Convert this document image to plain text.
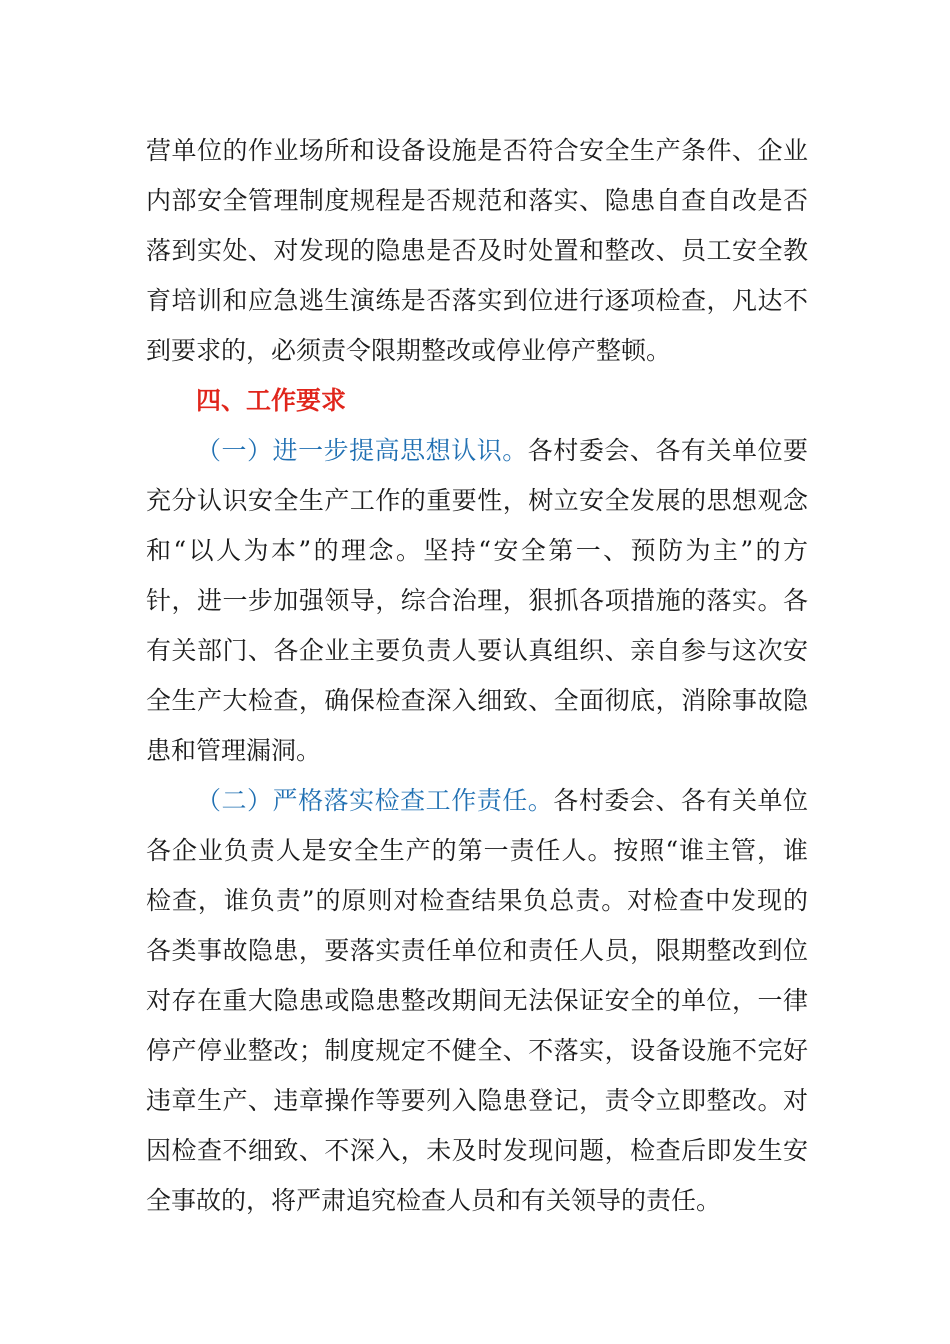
营单位的作业场所和设备设施是否符合安全生产条件、企业
内部安全管理制度规程是否规范和落实、隐患自查自改是否
落到实处、对发现的隐患是否及时处置和整改、员工安全教
育培训和应急逃生演练是否落实到位进行逐项检查，凡达不
到要求的，必须责令限期整改或停业停产整顿。
四、工作要求
（一）进一步提高思想认识。各村委会、各有关单位要
充分认识安全生产工作的重要性，树立安全发展的思想观念
和“以人为本”的理念。坚持“安全第一、预防为主”的方
针，进一步加强领导，综合治理，狠抓各项措施的落实。各
有关部门、各企业主要负责人要认真组织、亲自参与这次安
全生产大检查，确保检查深入细致、全面彻底，消除事故隐
患和管理漏洞。
（二）严格落实检查工作责任。各村委会、各有关单位
各企业负责人是安全生产的第一责任人。按照“谁主管，谁
检查，谁负责”的原则对检查结果负总责。对检查中发现的
各类事故隐患，要落实责任单位和责任人员，限期整改到位
对存在重大隐患或隐患整改期间无法保证安全的单位，一律
停产停业整改；制度规定不健全、不落实，设备设施不完好
违章生产、违章操作等要列入隐患登记，责令立即整改。对
因检查不细致、不深入，未及时发现问题，检查后即发生安
全事故的，将严肃追究检查人员和有关领导的责任。
